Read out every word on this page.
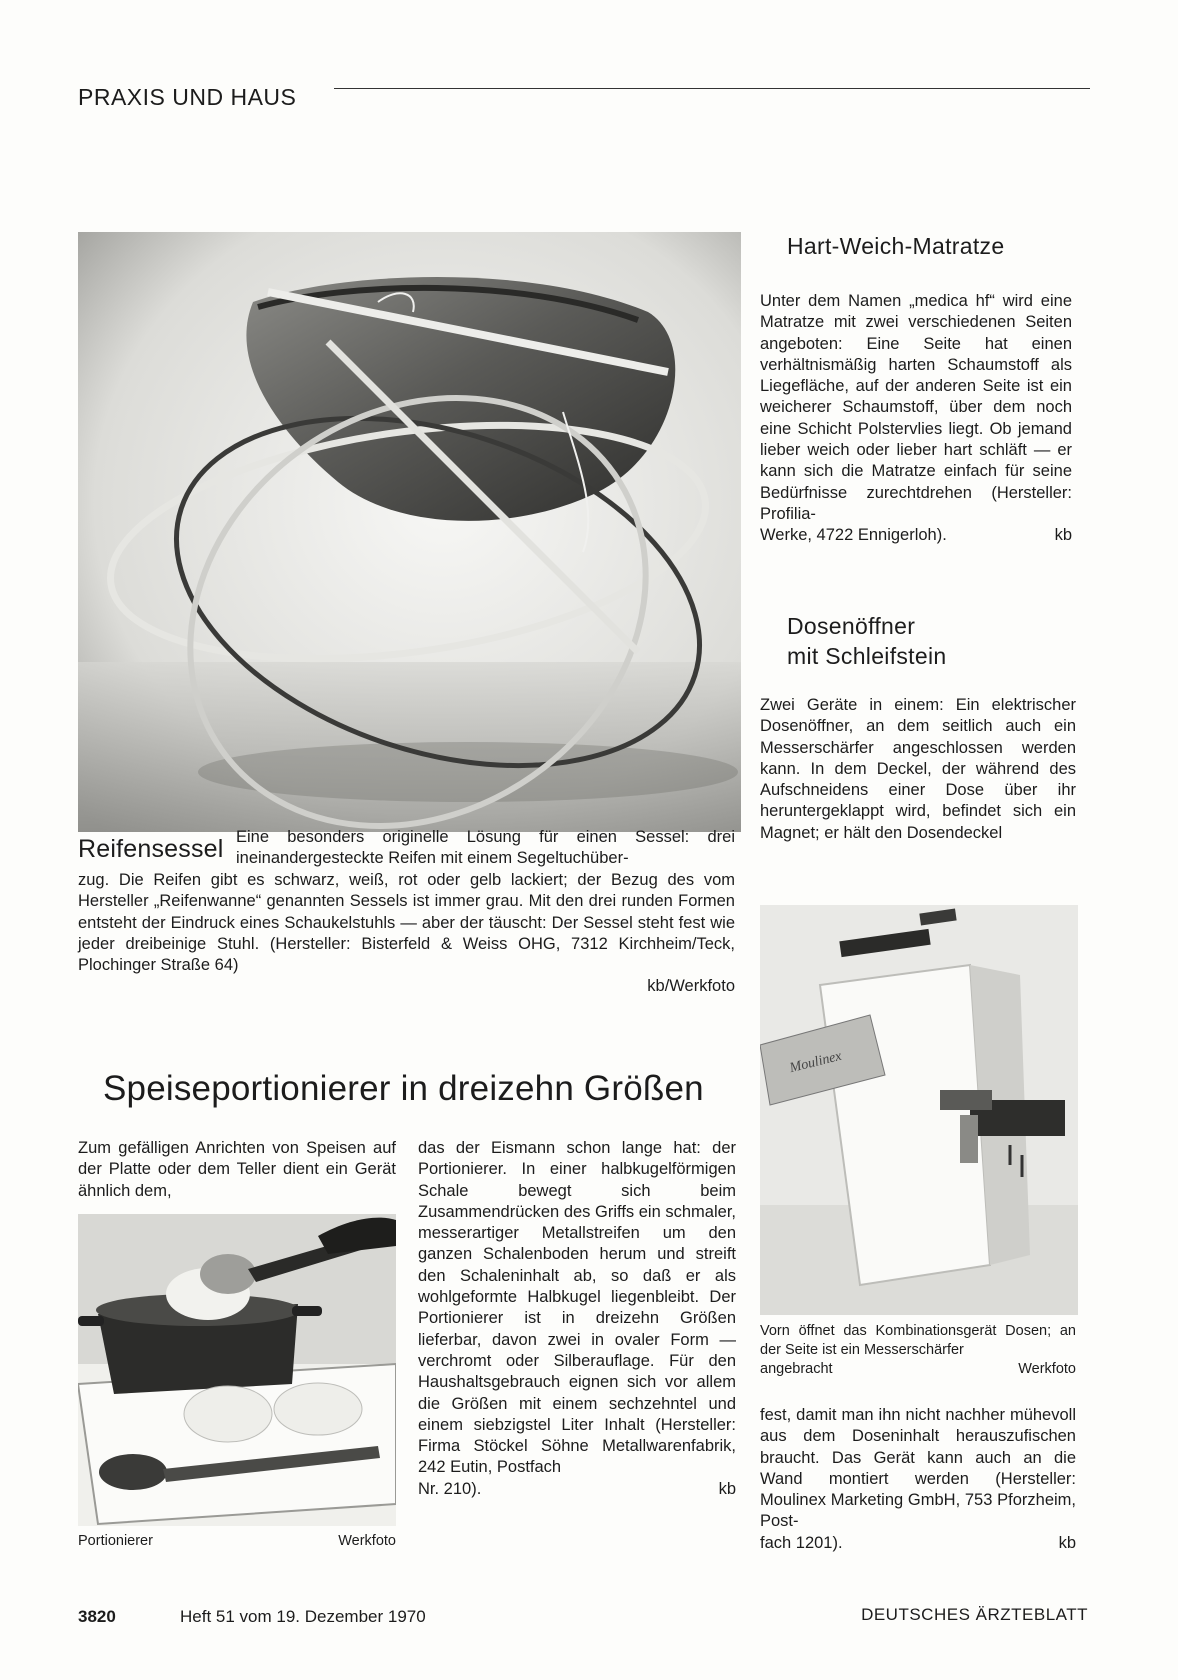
PRAXIS UND HAUS
Hart-Weich-Matratze

Unter dem Namen „medica hf“ wird eine Matratze mit zwei verschiedenen Seiten angeboten: Eine Seite hat einen verhältnismäßig harten Schaumstoff als Liegefläche, auf der anderen Seite ist ein weicherer Schaumstoff, über dem noch eine Schicht Polstervlies liegt. Ob jemand lieber weich oder lieber hart schläft — er kann sich die Matratze einfach für seine Bedürfnisse zurechtdrehen (Hersteller: Profilia-

Werke, 4722 Ennigerloh).	kb
Dosenöffner
mit Schleifstein
Zwei Geräte in einem: Ein elektrischer Dosenöffner, an dem seitlich auch ein Messerschärfer angeschlossen werden kann. In dem Deckel, der während des Aufschneidens einer Dose über ihr heruntergeklappt wird, befindet sich ein Magnet; er hält den Dosendeckel
Reifensessel Eine besonders originelle Lösung für einen Sessel: drei ineinandergesteckte Reifen mit einem Segeltuchüber-

zug. Die Reifen gibt es schwarz, weiß, rot oder gelb lackiert; der Bezug des vom Hersteller „Reifenwanne“ genannten Sessels ist immer grau. Mit den drei runden Formen entsteht der Eindruck eines Schaukelstuhls — aber der täuscht: Der Sessel steht fest wie jeder dreibeinige Stuhl. (Hersteller: Bisterfeld & Weiss OHG, 7312 Kirchheim/Teck, Plochinger Straße 64)

kb/Werkfoto
Moulinex
Vorn öffnet das Kombinationsgerät Dosen; an der Seite ist ein Messerschärfer
angebracht	Werkfoto

fest, damit man ihn nicht nachher mühevoll aus dem Doseninhalt herauszufischen braucht. Das Gerät kann auch an die Wand montiert werden (Hersteller: Moulinex Marketing GmbH, 753 Pforzheim, Post-

fach 1201).	kb
Speiseportionierer in dreizehn Größen
Zum gefälligen Anrichten von Speisen auf der Platte oder dem Teller dient ein Gerät ähnlich dem,
Portionierer	Werkfoto

das der Eismann schon lange hat: der Portionierer. In einer halbkugelförmigen Schale bewegt sich beim Zusammendrücken des Griffs ein schmaler, messerartiger Metallstreifen um den ganzen Schalenboden herum und streift den Schaleninhalt ab, so daß er als wohlgeformte Halbkugel liegenbleibt. Der Portionierer ist in dreizehn Größen lieferbar, davon zwei in ovaler Form — verchromt oder Silberauflage. Für den Haushaltsgebrauch eignen sich vor allem die Größen mit einem sechzehntel und einem siebzigstel Liter Inhalt (Hersteller: Firma Stöckel Söhne Metallwarenfabrik, 242 Eutin, Postfach

Nr. 210).	kb
3820	Heft 51 vom 19. Dezember 1970	DEUTSCHES ÄRZTEBLATT
